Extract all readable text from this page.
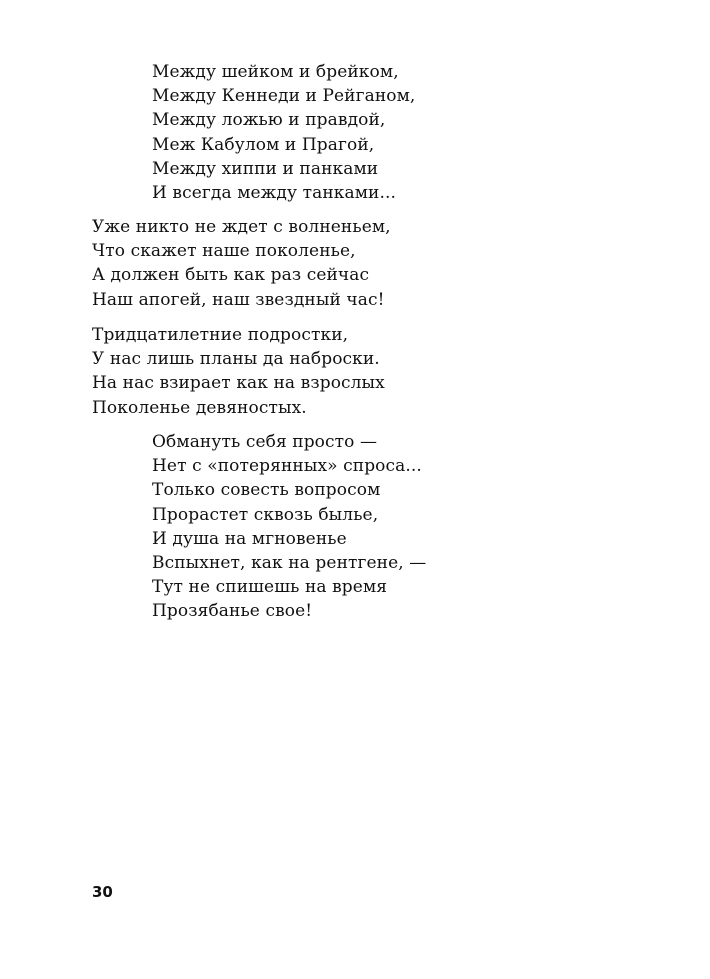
Между шейком и брейком,
Между Кеннеди и Рейганом,
Между ложью и правдой,
Меж Кабулом и Прагой,
Между хиппи и панками
И всегда между танками...
Уже никто не ждет с волненьем,
Что скажет наше поколенье,
А должен быть как раз сейчас
Наш апогей, наш звездный час!
Тридцатилетние подростки,
У нас лишь планы да наброски.
На нас взирает как на взрослых
Поколенье девяностых.
Обмануть себя просто —
Нет с «потерянных» спроса...
Только совесть вопросом
Прорастет сквозь былье,
И душа на мгновенье
Вспыхнет, как на рентгене, —
Тут не спишешь на время
Прозябанье свое!
30
